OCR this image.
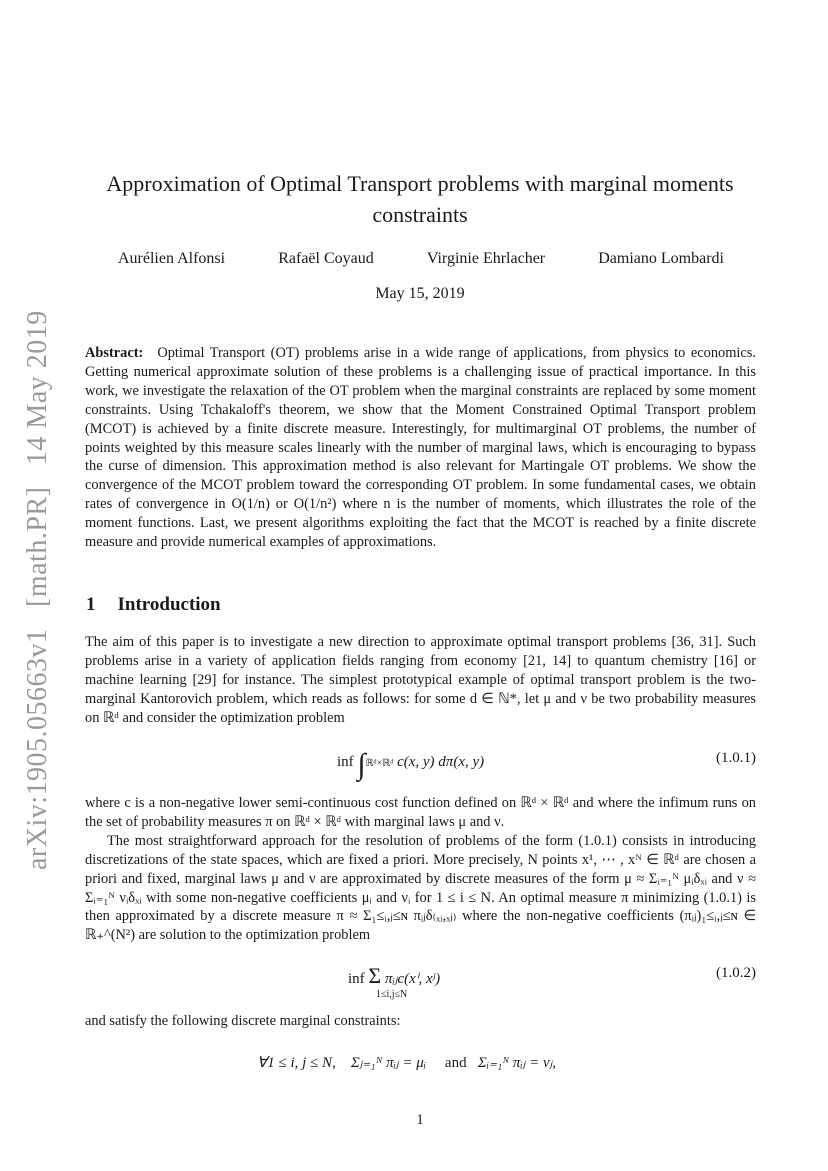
arXiv:1905.05663v1 [math.PR] 14 May 2019
Approximation of Optimal Transport problems with marginal moments constraints
Aurélien Alfonsi	Rafaël Coyaud	Virginie Ehrlacher	Damiano Lombardi
May 15, 2019
Abstract: Optimal Transport (OT) problems arise in a wide range of applications, from physics to economics. Getting numerical approximate solution of these problems is a challenging issue of practical importance. In this work, we investigate the relaxation of the OT problem when the marginal constraints are replaced by some moment constraints. Using Tchakaloff's theorem, we show that the Moment Constrained Optimal Transport problem (MCOT) is achieved by a finite discrete measure. Interestingly, for multimarginal OT problems, the number of points weighted by this measure scales linearly with the number of marginal laws, which is encouraging to bypass the curse of dimension. This approximation method is also relevant for Martingale OT problems. We show the convergence of the MCOT problem toward the corresponding OT problem. In some fundamental cases, we obtain rates of convergence in O(1/n) or O(1/n²) where n is the number of moments, which illustrates the role of the moment functions. Last, we present algorithms exploiting the fact that the MCOT is reached by a finite discrete measure and provide numerical examples of approximations.
1 Introduction
The aim of this paper is to investigate a new direction to approximate optimal transport problems [36, 31]. Such problems arise in a variety of application fields ranging from economy [21, 14] to quantum chemistry [16] or machine learning [29] for instance. The simplest prototypical example of optimal transport problem is the two-marginal Kantorovich problem, which reads as follows: for some d ∈ ℕ*, let μ and ν be two probability measures on ℝᵈ and consider the optimization problem
inf ∫ℝᵈ×ℝᵈ c(x, y) dπ(x, y)	(1.0.1)
where c is a non-negative lower semi-continuous cost function defined on ℝᵈ × ℝᵈ and where the infimum runs on the set of probability measures π on ℝᵈ × ℝᵈ with marginal laws μ and ν.
The most straightforward approach for the resolution of problems of the form (1.0.1) consists in introducing discretizations of the state spaces, which are fixed a priori. More precisely, N points x¹, ⋯ , xᴺ ∈ ℝᵈ are chosen a priori and fixed, marginal laws μ and ν are approximated by discrete measures of the form μ ≈ Σᵢ₌₁ᴺ μᵢδₓᵢ and ν ≈ Σᵢ₌₁ᴺ νᵢδₓᵢ with some non-negative coefficients μᵢ and νᵢ for 1 ≤ i ≤ N. An optimal measure π minimizing (1.0.1) is then approximated by a discrete measure π ≈ Σ₁≤ᵢ,ⱼ≤ɴ πᵢⱼδ₍ₓᵢ,ₓⱼ₎ where the non-negative coefficients (πᵢⱼ)₁≤ᵢ,ⱼ≤ɴ ∈ ℝ₊^(N²) are solution to the optimization problem
inf Σ πᵢⱼc(xⁱ, xʲ)
1≤i,j≤N
(1.0.2)
and satisfy the following discrete marginal constraints:
∀1 ≤ i, j ≤ N, Σⱼ₌₁ᴺ πᵢⱼ = μᵢ and Σᵢ₌₁ᴺ πᵢⱼ = νⱼ,
1
